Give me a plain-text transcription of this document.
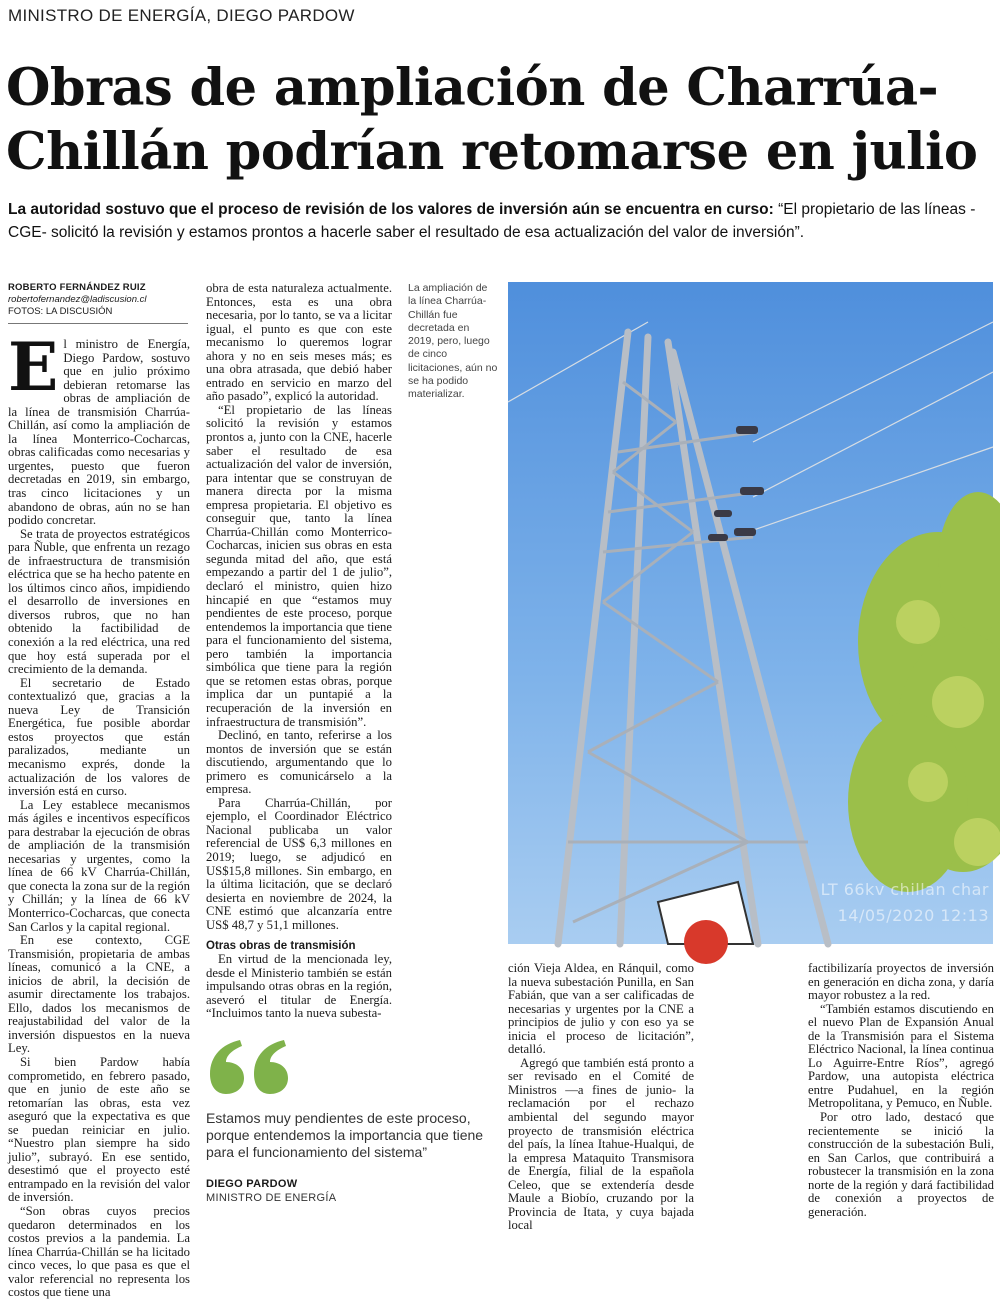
MINISTRO DE ENERGÍA, DIEGO PARDOW
Obras de ampliación de Charrúa-Chillán podrían retomarse en julio

La autoridad sostuvo que el proceso de revisión de los valores de inversión aún se encuentra en curso: “El propietario de las líneas -CGE- solicitó la revisión y estamos prontos a hacerle saber el resultado de esa actualización del valor de inversión”.

ROBERTO FERNÁNDEZ RUIZ
robertofernandez@ladiscusion.cl
FOTOS: LA DISCUSIÓN

El ministro de Energía, Diego Pardow, sostuvo que en julio próximo debieran retomarse las obras de ampliación de la línea de transmisión Charrúa-Chillán, así como la ampliación de la línea Monterrico-Cocharcas, obras calificadas como necesarias y urgentes, puesto que fueron decretadas en 2019, sin embargo, tras cinco licitaciones y un abandono de obras, aún no se han podido concretar.

Se trata de proyectos estratégicos para Ñuble, que enfrenta un rezago de infraestructura de transmisión eléctrica que se ha hecho patente en los últimos cinco años, impidiendo el desarrollo de inversiones en diversos rubros, que no han obtenido la factibilidad de conexión a la red eléctrica, una red que hoy está superada por el crecimiento de la demanda.

El secretario de Estado contextualizó que, gracias a la nueva Ley de Transición Energética, fue posible abordar estos proyectos que están paralizados, mediante un mecanismo exprés, donde la actualización de los valores de inversión está en curso.

La Ley establece mecanismos más ágiles e incentivos específicos para destrabar la ejecución de obras de ampliación de la transmisión necesarias y urgentes, como la línea de 66 kV Charrúa-Chillán, que conecta la zona sur de la región y Chillán; y la línea de 66 kV Monterrico-Cocharcas, que conecta San Carlos y la capital regional.

En ese contexto, CGE Transmisión, propietaria de ambas líneas, comunicó a la CNE, a inicios de abril, la decisión de asumir directamente los trabajos. Ello, dados los mecanismos de reajustabilidad del valor de la inversión dispuestos en la nueva Ley.

Si bien Pardow había comprometido, en febrero pasado, que en junio de este año se retomarían las obras, esta vez aseguró que la expectativa es que se puedan reiniciar en julio. “Nuestro plan siempre ha sido julio”, subrayó. En ese sentido, desestimó que el proyecto esté entrampado en la revisión del valor de inversión.

“Son obras cuyos precios quedaron determinados en los costos previos a la pandemia. La línea Charrúa-Chillán se ha licitado cinco veces, lo que pasa es que el valor referencial no representa los costos que tiene una

obra de esta naturaleza actualmente. Entonces, esta es una obra necesaria, por lo tanto, se va a licitar igual, el punto es que con este mecanismo lo queremos lograr ahora y no en seis meses más; es una obra atrasada, que debió haber entrado en servicio en marzo del año pasado”, explicó la autoridad.

“El propietario de las líneas solicitó la revisión y estamos prontos a, junto con la CNE, hacerle saber el resultado de esa actualización del valor de inversión, para intentar que se construyan de manera directa por la misma empresa propietaria. El objetivo es conseguir que, tanto la línea Charrúa-Chillán como Monterrico-Cocharcas, inicien sus obras en esta segunda mitad del año, que está empezando a partir del 1 de julio”, declaró el ministro, quien hizo hincapié en que “estamos muy pendientes de este proceso, porque entendemos la importancia que tiene para el funcionamiento del sistema, pero también la importancia simbólica que tiene para la región que se retomen estas obras, porque implica dar un puntapié a la recuperación de la inversión en infraestructura de transmisión”.

Declinó, en tanto, referirse a los montos de inversión que se están discutiendo, argumentando que lo primero es comunicárselo a la empresa.

Para Charrúa-Chillán, por ejemplo, el Coordinador Eléctrico Nacional publicaba un valor referencial de US$ 6,3 millones en 2019; luego, se adjudicó en US$15,8 millones. Sin embargo, en la última licitación, que se declaró desierta en noviembre de 2024, la CNE estimó que alcanzaría entre US$ 48,7 y 51,1 millones.

Otras obras de transmisión

En virtud de la mencionada ley, desde el Ministerio también se están impulsando otras obras en la región, aseveró el titular de Energía. “Incluimos tanto la nueva subesta-

La ampliación de la línea Charrúa-Chillán fue decretada en 2019, pero, luego de cinco licitaciones, aún no se ha podido materializar.
LT 66kv chillan char
14/05/2020 12:13

ción Vieja Aldea, en Ránquil, como la nueva subestación Punilla, en San Fabián, que van a ser calificadas de necesarias y urgentes por la CNE a principios de julio y con eso ya se inicia el proceso de licitación”, detalló.

Agregó que también está pronto a ser revisado en el Comité de Ministros —a fines de junio- la reclamación por el rechazo ambiental del segundo mayor proyecto de transmisión eléctrica del país, la línea Itahue-Hualqui, de la empresa Mataquito Transmisora de Energía, filial de la española Celeo, que se extendería desde Maule a Biobío, cruzando por la Provincia de Itata, y cuya bajada local

factibilizaría proyectos de inversión en generación en dicha zona, y daría mayor robustez a la red.

“También estamos discutiendo en el nuevo Plan de Expansión Anual de la Transmisión para el Sistema Eléctrico Nacional, la línea continua Lo Aguirre-Entre Ríos”, agregó Pardow, una autopista eléctrica entre Pudahuel, en la región Metropolitana, y Pemuco, en Ñuble.

Por otro lado, destacó que recientemente se inició la construcción de la subestación Buli, en San Carlos, que contribuirá a robustecer la transmisión en la zona norte de la región y dará factibilidad de conexión a proyectos de generación.

Estamos muy pendientes de este proceso, porque entendemos la importancia que tiene para el funcionamiento del sistema”

DIEGO PARDOW
MINISTRO DE ENERGÍA
